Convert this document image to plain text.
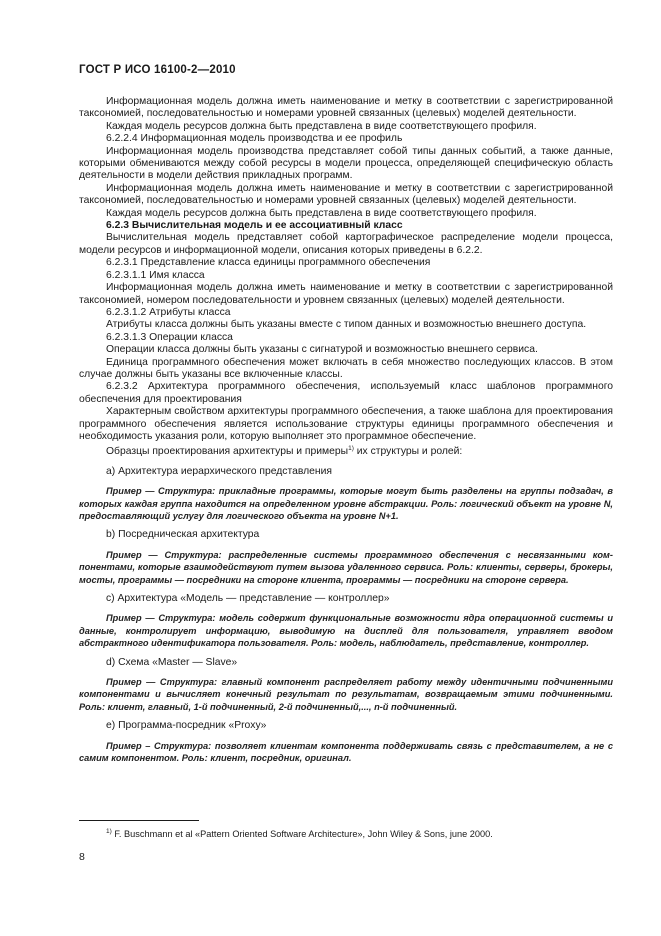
ГОСТ Р ИСО 16100-2—2010

Информационная модель должна иметь наименование и метку в соответствии с зарегистрированной таксономией, последовательностью и номерами уровней связанных (целевых) моделей деятельности.

Каждая модель ресурсов должна быть представлена в виде соответствующего профиля.

6.2.2.4 Информационная модель производства и ее профиль

Информационная модель производства представляет собой типы данных событий, а также данные, которыми обмениваются между собой ресурсы в модели процесса, определяющей специфическую область деятельности в модели действия прикладных программ.

Информационная модель должна иметь наименование и метку в соответствии с зарегистрированной таксономией, последовательностью и номерами уровней связанных (целевых) моделей деятельности.

Каждая модель ресурсов должна быть представлена в виде соответствующего профиля.

6.2.3 Вычислительная модель и ее ассоциативный класс

Вычислительная модель представляет собой картографическое распределение модели процесса, модели ресурсов и информационной модели, описания которых приведены в 6.2.2.

6.2.3.1 Представление класса единицы программного обеспечения

6.2.3.1.1 Имя класса

Информационная модель должна иметь наименование и метку в соответствии с зарегистрированной таксономией, номером последовательности и уровнем связанных (целевых) моделей деятельности.

6.2.3.1.2 Атрибуты класса

Атрибуты класса должны быть указаны вместе с типом данных и возможностью внешнего доступа.

6.2.3.1.3 Операции класса

Операции класса должны быть указаны с сигнатурой и возможностью внешнего сервиса.

Единица программного обеспечения может включать в себя множество последующих классов. В этом случае должны быть указаны все включенные классы.

6.2.3.2 Архитектура программного обеспечения, используемый класс шаблонов программного обеспечения для проектирования

Характерным свойством архитектуры программного обеспечения, а также шаблона для проектирования программного обеспечения является использование структуры единицы программного обеспечения и необходимость указания роли, которую выполняет это программное обеспечение.

Образцы проектирования архитектуры и примеры$^{1)}$ их структуры и ролей:

а) Архитектура иерархического представления

Пример — Структура: прикладные программы, которые могут быть разделены на группы подзадач, в которых каждая группа находится на определенном уровне абстракции. Роль: логический объект на уровне N, предоставляющий услугу для логического объекта на уровне N+1.

b) Посредническая архитектура

Пример — Структура: распределенные системы программного обеспечения с несвязанными компонентами, которые взаимодействуют путем вызова удаленного сервиса. Роль: клиенты, серверы, брокеры, мосты, программы — посредники на стороне клиента, программы — посредники на стороне сервера.

с) Архитектура «Модель — представление — контроллер»

Пример — Структура: модель содержит функциональные возможности ядра операционной системы и данные, контролирует информацию, выводимую на дисплей для пользователя, управляет вводом абстрактного идентификатора пользователя. Роль: модель, наблюдатель, представление, контроллер.

d) Схема «Master — Slave»

Пример — Структура: главный компонент распределяет работу между идентичными подчиненными компонентами и вычисляет конечный результат по результатам, возвращаемым этими подчиненными. Роль: клиент, главный, 1-й подчиненный, 2-й подчиненный,..., n-й подчиненный.

е) Программа-посредник «Proxy»

Пример – Структура: позволяет клиентам компонента поддерживать связь с представителем, а не с самим компонентом. Роль: клиент, посредник, оригинал.

$^{1)}$ F. Buschmann et al «Pattern Oriented Software Architecture», John Wiley & Sons, june 2000.
8
